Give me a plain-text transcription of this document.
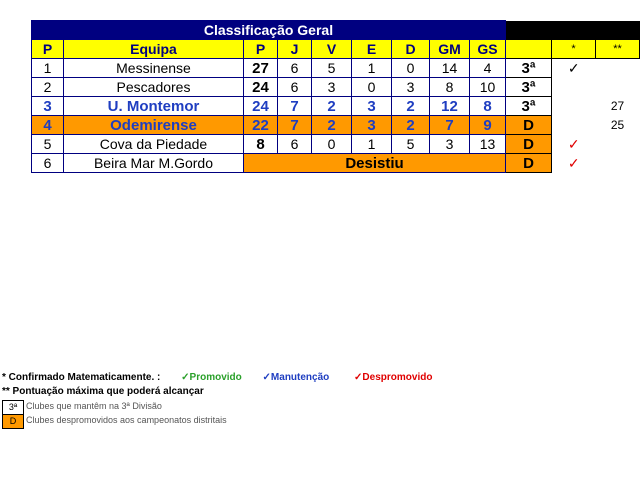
Classificação Geral											
P	Equipa	P	J	V	E	D	GM	GS		*	**
1	Messinense	27	6	5	1	0	14	4	3ª	✓	
2	Pescadores	24	6	3	0	3	8	10	3ª		
3	U. Montemor	24	7	2	3	2	12	8	3ª		27
4	Odemirense	22	7	2	3	2	7	9	D		25
5	Cova da Piedade	8	6	0	1	5	3	13	D	✓	
6	Beira Mar M.Gordo	Desistiu							D	✓	
* Confirmado Matematicamente. : ✓Promovido ✓Manutenção ✓Despromovido
** Pontuação máxima que poderá alcançar
3ª Clubes que mantêm na 3ª Divisão
D	Clubes despromovidos aos campeonatos distritais
